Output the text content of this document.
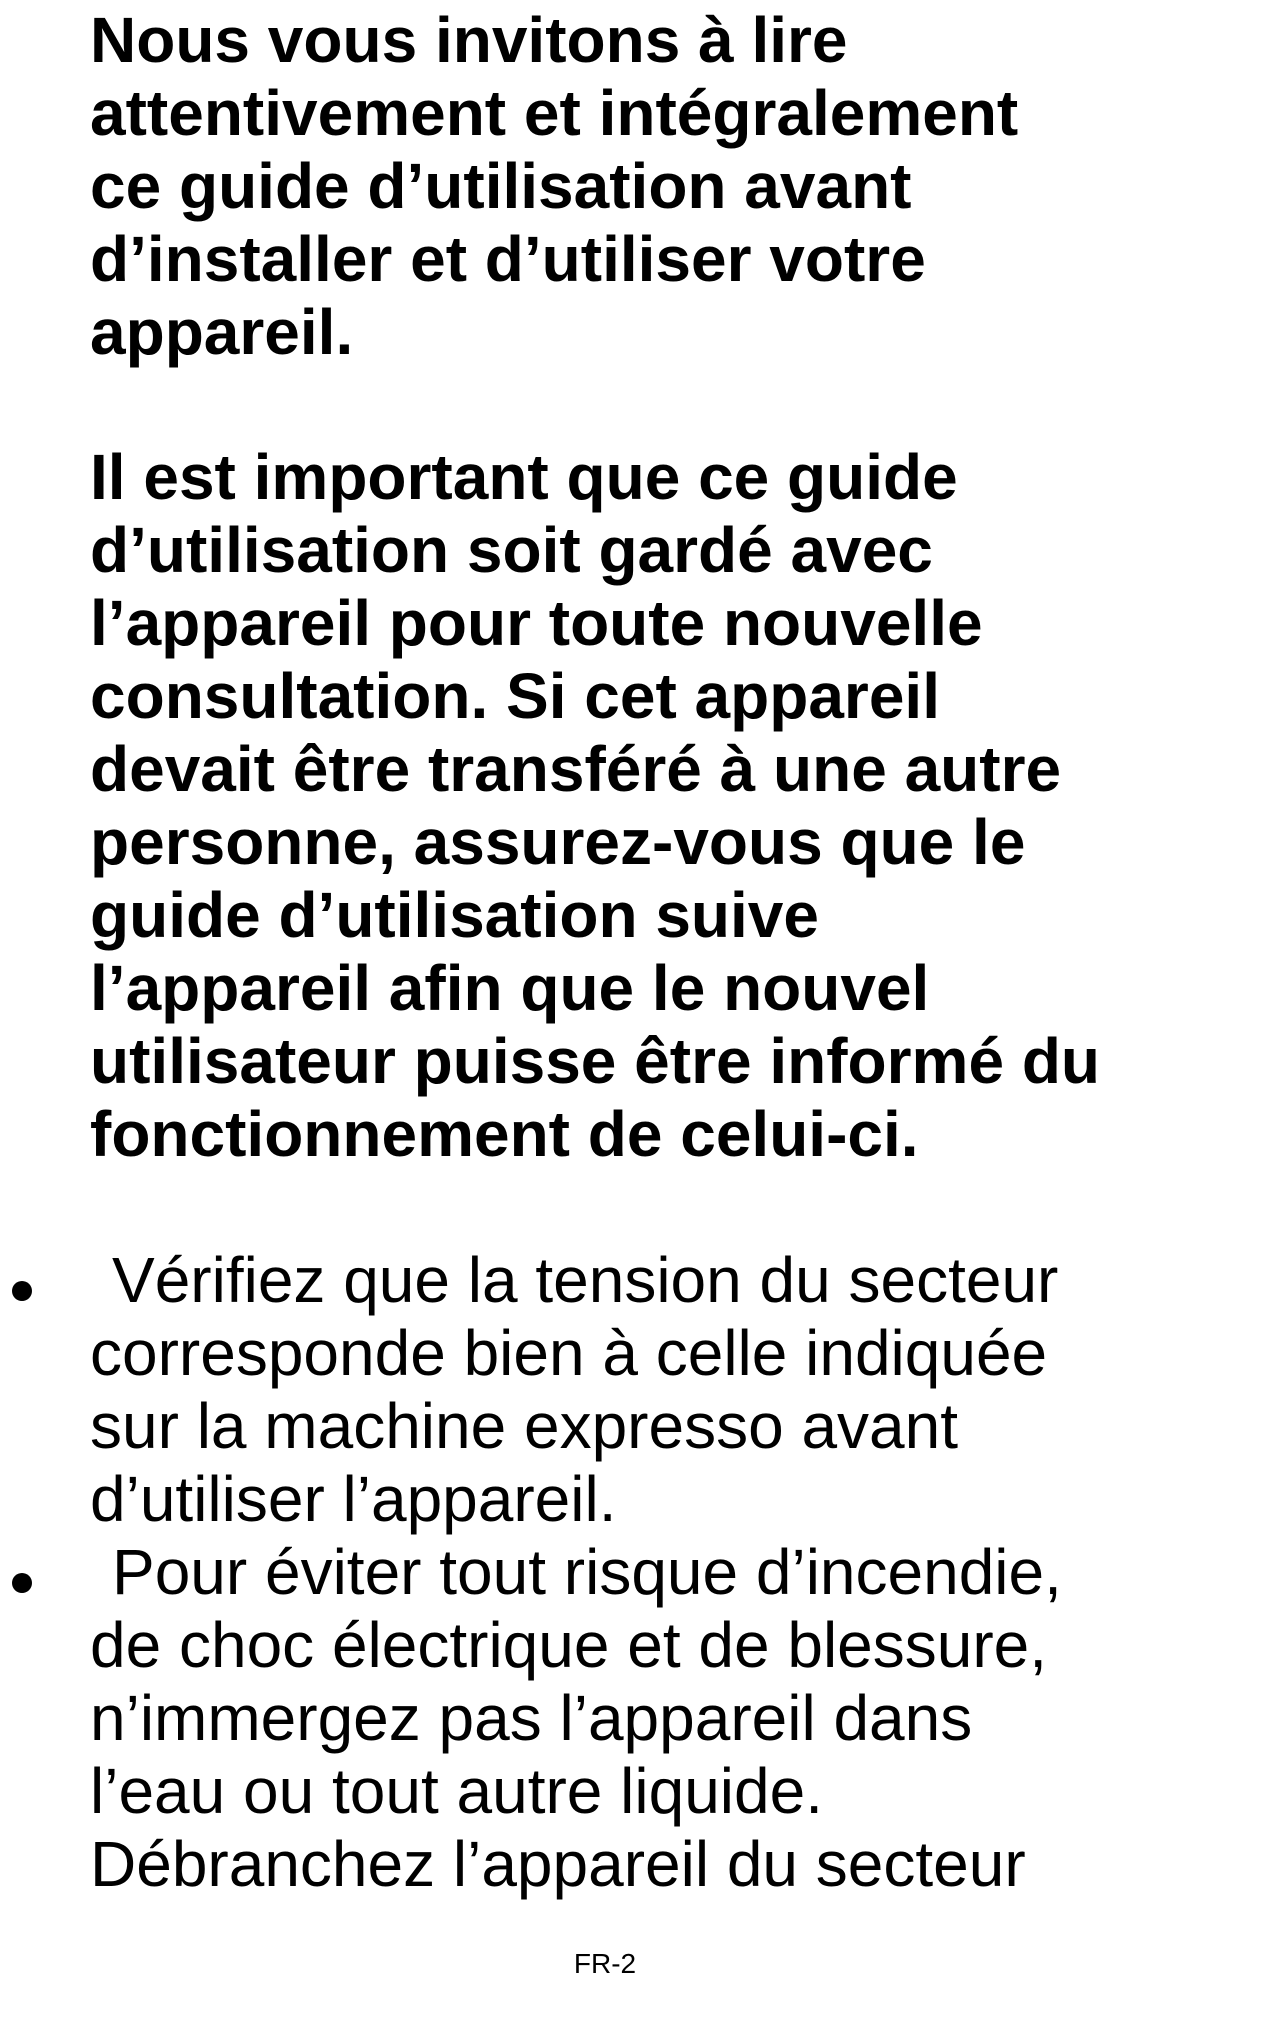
Nous vous invitons à lire
attentivement et intégralement
ce guide d’utilisation avant
d’installer et d’utiliser votre
appareil.

Il est important que ce guide
d’utilisation soit gardé avec
l’appareil pour toute nouvelle
consultation. Si cet appareil
devait être transféré à une autre
personne, assurez-vous que le
guide d’utilisation suive
l’appareil afin que le nouvel
utilisateur puisse être informé du
fonctionnement de celui-ci.

Vérifiez que la tension du secteur
corresponde bien à celle indiquée
sur la machine expresso avant
d’utiliser l’appareil.
Pour éviter tout risque d’incendie,
de choc électrique et de blessure,
n’immergez pas l’appareil dans
l’eau ou tout autre liquide.
Débranchez l’appareil du secteur
FR-2
